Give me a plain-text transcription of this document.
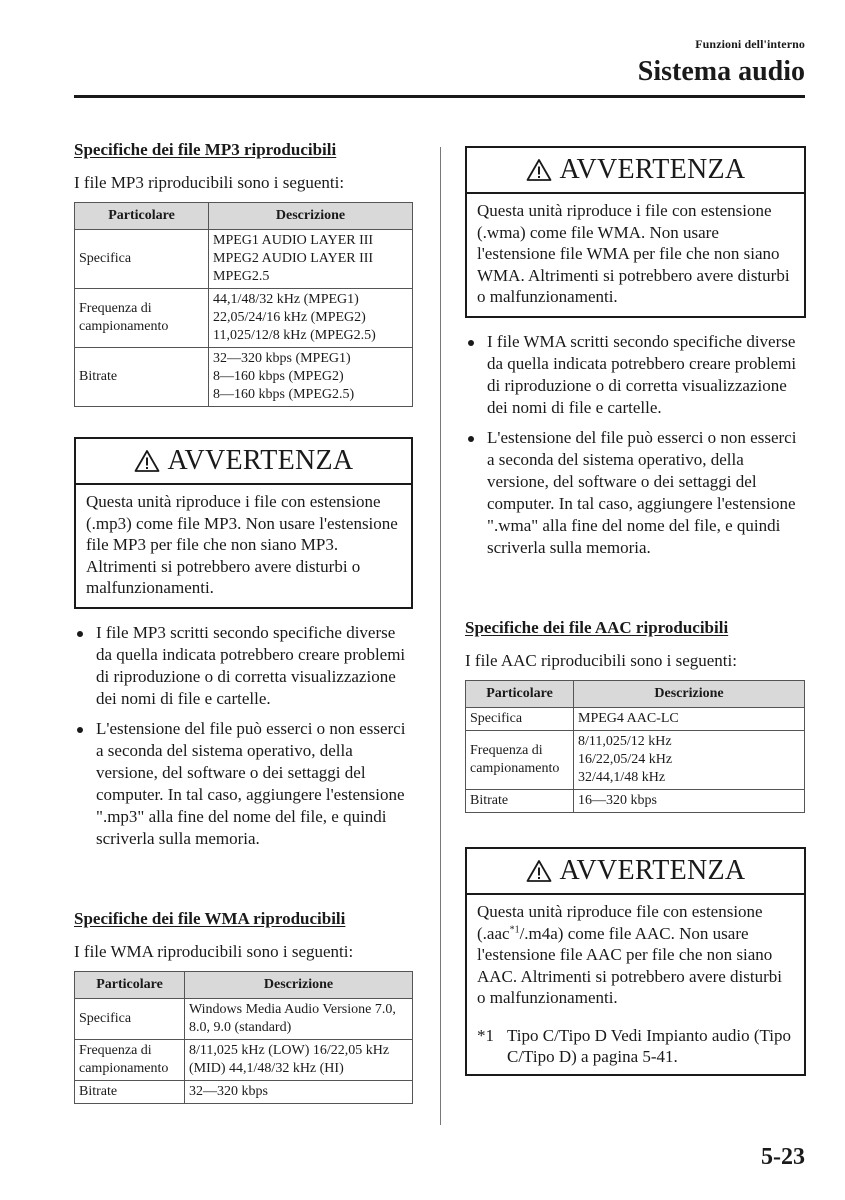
Funzioni dell'interno
Sistema audio
Specifiche dei file MP3 riproducibili

I file MP3 riproducibili sono i seguenti:

Particolare	Descrizione
Specifica	MPEG1 AUDIO LAYER III
MPEG2 AUDIO LAYER III
MPEG2.5

Frequenza di campionamento	44,1/48/32 kHz (MPEG1)
22,05/24/16 kHz (MPEG2)
11,025/12/8 kHz (MPEG2.5)

Bitrate	32—320 kbps (MPEG1)
8—160 kbps (MPEG2)
8—160 kbps (MPEG2.5)
AVVERTENZA

Questa unità riproduce i file con estensione (.mp3) come file MP3. Non usare l'estensione file MP3 per file che non siano MP3. Altrimenti si potrebbero avere disturbi o malfunzionamenti.

I file MP3 scritti secondo specifiche diverse da quella indicata potrebbero creare problemi di riproduzione o di corretta visualizzazione dei nomi di file e cartelle.
L'estensione del file può esserci o non esserci a seconda del sistema operativo, della versione, del software o dei settaggi del computer. In tal caso, aggiungere l'estensione ".mp3" alla fine del nome del file, e quindi scriverla sulla memoria.
Specifiche dei file WMA riproducibili

I file WMA riproducibili sono i seguenti:

Particolare	Descrizione
Specifica	Windows Media Audio Versione 7.0, 8.0, 9.0 (standard)
Frequenza di campionamento	8/11,025 kHz (LOW) 16/22,05 kHz (MID) 44,1/48/32 kHz (HI)
Bitrate	32—320 kbps
AVVERTENZA

Questa unità riproduce i file con estensione (.wma) come file WMA. Non usare l'estensione file WMA per file che non siano WMA. Altrimenti si potrebbero avere disturbi o malfunzionamenti.

I file WMA scritti secondo specifiche diverse da quella indicata potrebbero creare problemi di riproduzione o di corretta visualizzazione dei nomi di file e cartelle.
L'estensione del file può esserci o non esserci a seconda del sistema operativo, della versione, del software o dei settaggi del computer. In tal caso, aggiungere l'estensione ".wma" alla fine del nome del file, e quindi scriverla sulla memoria.
Specifiche dei file AAC riproducibili

I file AAC riproducibili sono i seguenti:

Particolare	Descrizione
Specifica	MPEG4 AAC-LC

Frequenza di campionamento	8/11,025/12 kHz
16/22,05/24 kHz
32/44,1/48 kHz

Bitrate	16—320 kbps
AVVERTENZA

Questa unità riproduce file con estensione (.aac$^{*1}$/.m4a) come file AAC. Non usare l'estensione file AAC per file che non siano AAC. Altrimenti si potrebbero avere disturbi o malfunzionamenti.

*1 Tipo C/Tipo D Vedi Impianto audio (Tipo C/Tipo D) a pagina 5-41.
5-23
